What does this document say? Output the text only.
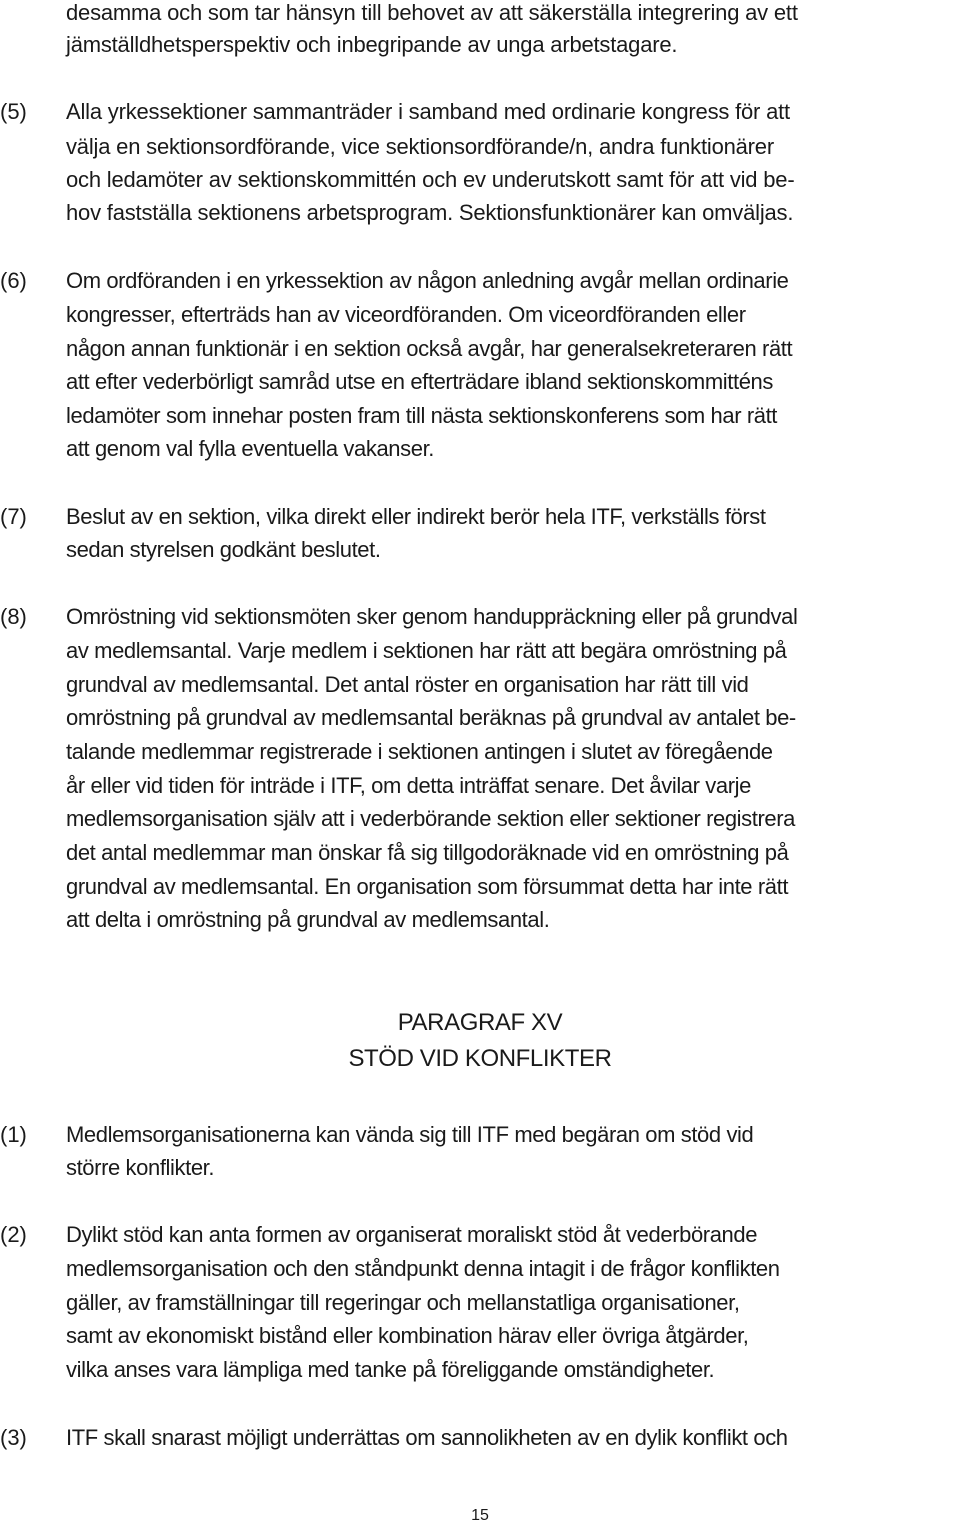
desamma och som tar hänsyn till behovet av att säkerställa integrering av ett
jämställdhetsperspektiv och inbegripande av unga arbetstagare.
(5) Alla yrkessektioner sammanträder i samband med ordinarie kongress för att
välja en sektionsordförande, vice sektionsordförande/n, andra funktionärer
och ledamöter av sektionskommittén och ev underutskott samt för att vid be-
hov fastställa sektionens arbetsprogram. Sektionsfunktionärer kan omväljas.
(6) Om ordföranden i en yrkessektion av någon anledning avgår mellan ordinarie
kongresser, efterträds han av viceordföranden. Om viceordföranden eller
någon annan funktionär i en sektion också avgår, har generalsekreteraren rätt
att efter vederbörligt samråd utse en efterträdare ibland sektionskommitténs
ledamöter som innehar posten fram till nästa sektionskonferens som har rätt
att genom val fylla eventuella vakanser.
(7) Beslut av en sektion, vilka direkt eller indirekt berör hela ITF, verkställs först
sedan styrelsen godkänt beslutet.
(8) Omröstning vid sektionsmöten sker genom handuppräckning eller på grundval
av medlemsantal. Varje medlem i sektionen har rätt att begära omröstning på
grundval av medlemsantal. Det antal röster en organisation har rätt till vid
omröstning på grundval av medlemsantal beräknas på grundval av antalet be-
talande medlemmar registrerade i sektionen antingen i slutet av föregående
år eller vid tiden för inträde i ITF, om detta inträffat senare. Det åvilar varje
medlemsorganisation själv att i vederbörande sektion eller sektioner registrera
det antal medlemmar man önskar få sig tillgodoräknade vid en omröstning på
grundval av medlemsantal. En organisation som försummat detta har inte rätt
att delta i omröstning på grundval av medlemsantal.
PARAGRAF XV
STÖD VID KONFLIKTER
(1) Medlemsorganisationerna kan vända sig till ITF med begäran om stöd vid
större konflikter.
(2) Dylikt stöd kan anta formen av organiserat moraliskt stöd åt vederbörande
medlemsorganisation och den ståndpunkt denna intagit i de frågor konflikten
gäller, av framställningar till regeringar och mellanstatliga organisationer,
samt av ekonomiskt bistånd eller kombination härav eller övriga åtgärder,
vilka anses vara lämpliga med tanke på föreliggande omständigheter.
(3) ITF skall snarast möjligt underrättas om sannolikheten av en dylik konflikt och
15
